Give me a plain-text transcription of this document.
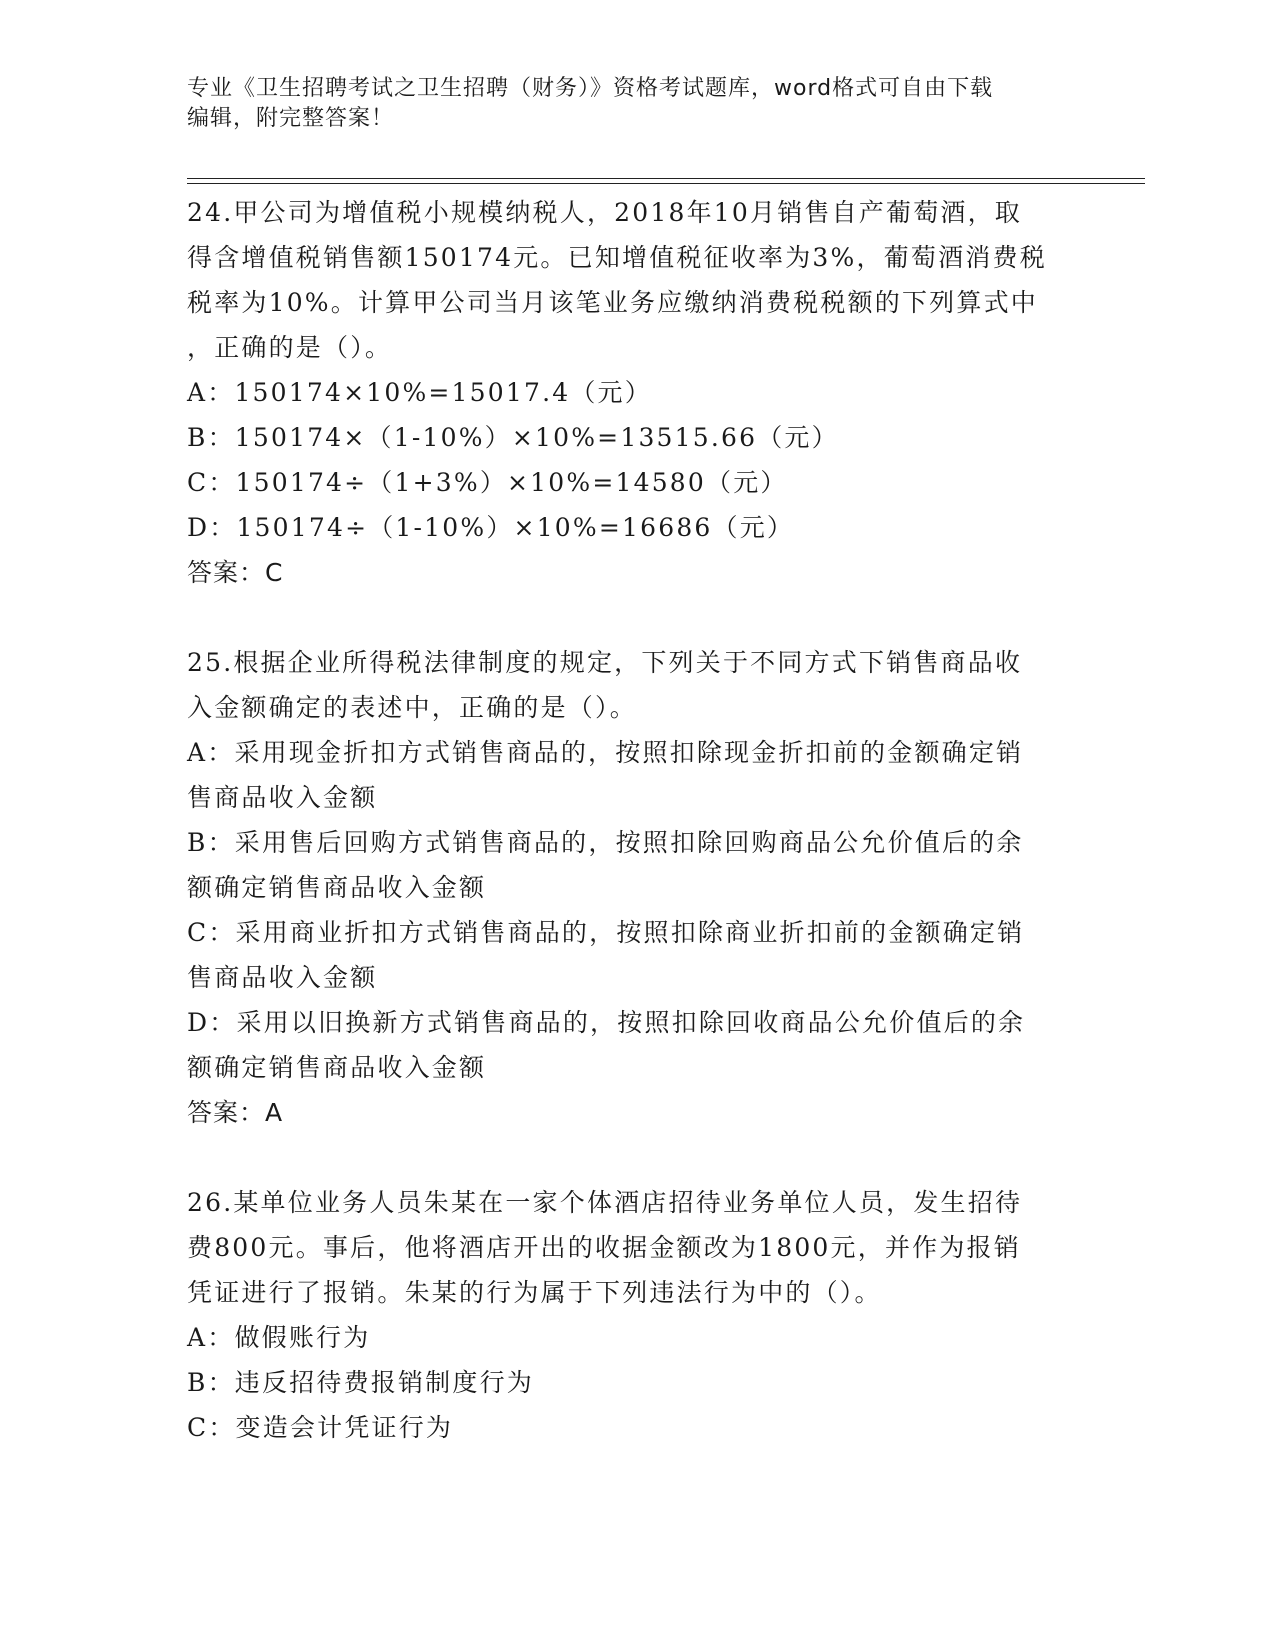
专业《卫生招聘考试之卫生招聘（财务）》资格考试题库，word格式可自由下载
编辑，附完整答案！
24.甲公司为增值税小规模纳税人，2018年10月销售自产葡萄酒，取
得含增值税销售额150174元。已知增值税征收率为3%，葡萄酒消费税
税率为10%。计算甲公司当月该笔业务应缴纳消费税税额的下列算式中
，正确的是（）。
A：150174×10%=15017.4（元）
B：150174×（1-10%）×10%=13515.66（元）
C：150174÷（1+3%）×10%=14580（元）
D：150174÷（1-10%）×10%=16686（元）
答案：C
25.根据企业所得税法律制度的规定，下列关于不同方式下销售商品收
入金额确定的表述中，正确的是（）。
A：采用现金折扣方式销售商品的，按照扣除现金折扣前的金额确定销
售商品收入金额
B：采用售后回购方式销售商品的，按照扣除回购商品公允价值后的余
额确定销售商品收入金额
C：采用商业折扣方式销售商品的，按照扣除商业折扣前的金额确定销
售商品收入金额
D：采用以旧换新方式销售商品的，按照扣除回收商品公允价值后的余
额确定销售商品收入金额
答案：A
26.某单位业务人员朱某在一家个体酒店招待业务单位人员，发生招待
费800元。事后，他将酒店开出的收据金额改为1800元，并作为报销
凭证进行了报销。朱某的行为属于下列违法行为中的（）。
A：做假账行为
B：违反招待费报销制度行为
C：变造会计凭证行为
